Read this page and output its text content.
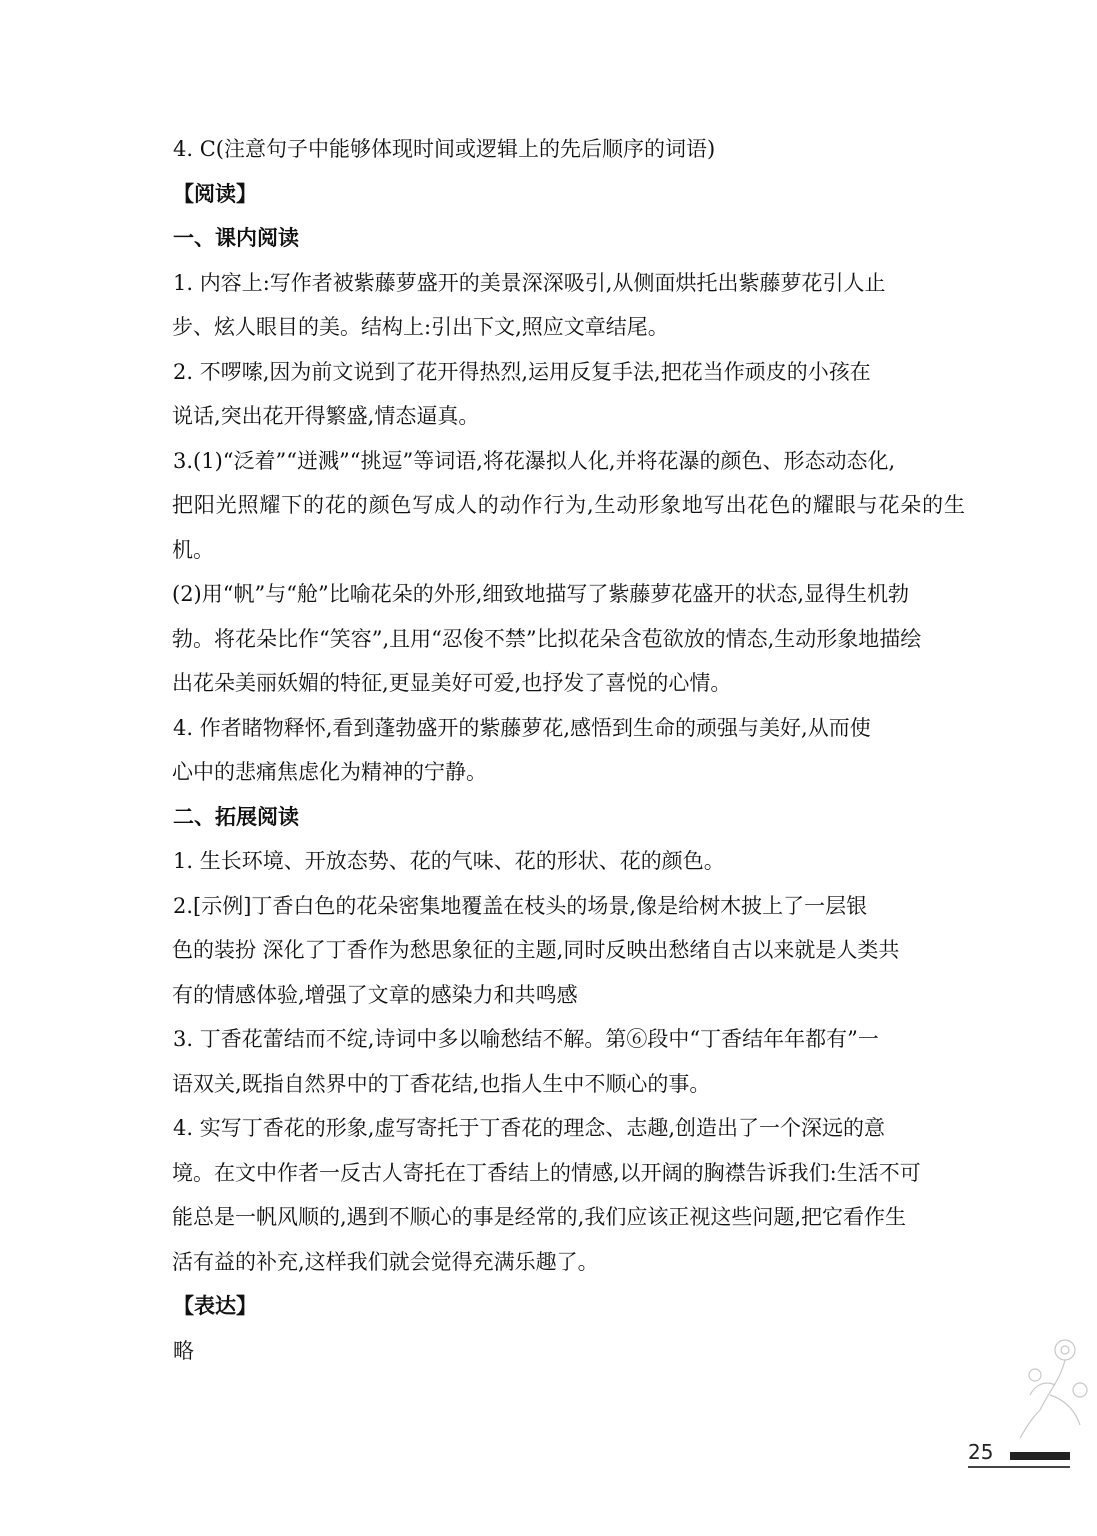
4. C(注意句子中能够体现时间或逻辑上的先后顺序的词语)

【阅读】

一、课内阅读

1. 内容上:写作者被紫藤萝盛开的美景深深吸引,从侧面烘托出紫藤萝花引人止

步、炫人眼目的美。结构上:引出下文,照应文章结尾。

2. 不啰嗦,因为前文说到了花开得热烈,运用反复手法,把花当作顽皮的小孩在

说话,突出花开得繁盛,情态逼真。

3.(1)“泛着”“迸溅”“挑逗”等词语,将花瀑拟人化,并将花瀑的颜色、形态动态化,

把阳光照耀下的花的颜色写成人的动作行为,生动形象地写出花色的耀眼与花朵的生机。

(2)用“帆”与“舱”比喻花朵的外形,细致地描写了紫藤萝花盛开的状态,显得生机勃

勃。将花朵比作“笑容”,且用“忍俊不禁”比拟花朵含苞欲放的情态,生动形象地描绘

出花朵美丽妖媚的特征,更显美好可爱,也抒发了喜悦的心情。

4. 作者睹物释怀,看到蓬勃盛开的紫藤萝花,感悟到生命的顽强与美好,从而使

心中的悲痛焦虑化为精神的宁静。

二、拓展阅读

1. 生长环境、开放态势、花的气味、花的形状、花的颜色。

2.[示例]丁香白色的花朵密集地覆盖在枝头的场景,像是给树木披上了一层银

色的装扮 深化了丁香作为愁思象征的主题,同时反映出愁绪自古以来就是人类共

有的情感体验,增强了文章的感染力和共鸣感

3. 丁香花蕾结而不绽,诗词中多以喻愁结不解。第⑥段中“丁香结年年都有”一

语双关,既指自然界中的丁香花结,也指人生中不顺心的事。

4. 实写丁香花的形象,虚写寄托于丁香花的理念、志趣,创造出了一个深远的意

境。在文中作者一反古人寄托在丁香结上的情感,以开阔的胸襟告诉我们:生活不可

能总是一帆风顺的,遇到不顺心的事是经常的,我们应该正视这些问题,把它看作生

活有益的补充,这样我们就会觉得充满乐趣了。

【表达】

略

25
